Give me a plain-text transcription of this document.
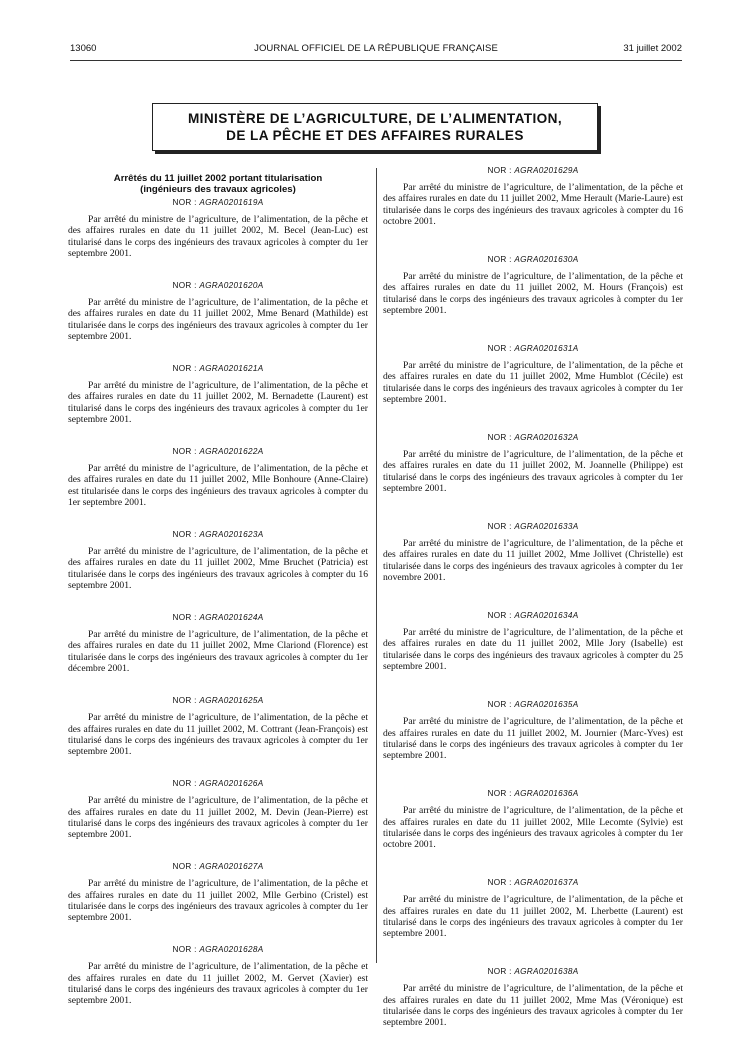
13060	JOURNAL OFFICIEL DE LA RÉPUBLIQUE FRANÇAISE	31 juillet 2002
MINISTÈRE DE L’AGRICULTURE, DE L’ALIMENTATION,
DE LA PÊCHE ET DES AFFAIRES RURALES
Arrêtés du 11 juillet 2002 portant titularisation
(ingénieurs des travaux agricoles)
NOR : AGRA0201619A

Par arrêté du ministre de l’agriculture, de l’alimentation, de la pêche et des affaires rurales en date du 11 juillet 2002, M. Becel (Jean-Luc) est titularisé dans le corps des ingénieurs des travaux agricoles à compter du 1er septembre 2001.

NOR : AGRA0201620A

Par arrêté du ministre de l’agriculture, de l’alimentation, de la pêche et des affaires rurales en date du 11 juillet 2002, Mme Benard (Mathilde) est titularisée dans le corps des ingénieurs des travaux agricoles à compter du 1er septembre 2001.

NOR : AGRA0201621A

Par arrêté du ministre de l’agriculture, de l’alimentation, de la pêche et des affaires rurales en date du 11 juillet 2002, M. Bernadette (Laurent) est titularisé dans le corps des ingénieurs des travaux agricoles à compter du 1er septembre 2001.

NOR : AGRA0201622A

Par arrêté du ministre de l’agriculture, de l’alimentation, de la pêche et des affaires rurales en date du 11 juillet 2002, Mlle Bonhoure (Anne-Claire) est titularisée dans le corps des ingénieurs des travaux agricoles à compter du 1er septembre 2001.

NOR : AGRA0201623A

Par arrêté du ministre de l’agriculture, de l’alimentation, de la pêche et des affaires rurales en date du 11 juillet 2002, Mme Bruchet (Patricia) est titularisée dans le corps des ingénieurs des travaux agricoles à compter du 16 septembre 2001.

NOR : AGRA0201624A

Par arrêté du ministre de l’agriculture, de l’alimentation, de la pêche et des affaires rurales en date du 11 juillet 2002, Mme Clariond (Florence) est titularisée dans le corps des ingénieurs des travaux agricoles à compter du 1er décembre 2001.

NOR : AGRA0201625A

Par arrêté du ministre de l’agriculture, de l’alimentation, de la pêche et des affaires rurales en date du 11 juillet 2002, M. Cottrant (Jean-François) est titularisé dans le corps des ingénieurs des travaux agricoles à compter du 1er septembre 2001.

NOR : AGRA0201626A

Par arrêté du ministre de l’agriculture, de l’alimentation, de la pêche et des affaires rurales en date du 11 juillet 2002, M. Devin (Jean-Pierre) est titularisé dans le corps des ingénieurs des travaux agricoles à compter du 1er septembre 2001.

NOR : AGRA0201627A

Par arrêté du ministre de l’agriculture, de l’alimentation, de la pêche et des affaires rurales en date du 11 juillet 2002, Mlle Gerbino (Cristel) est titularisée dans le corps des ingénieurs des travaux agricoles à compter du 1er septembre 2001.

NOR : AGRA0201628A

Par arrêté du ministre de l’agriculture, de l’alimentation, de la pêche et des affaires rurales en date du 11 juillet 2002, M. Gervet (Xavier) est titularisé dans le corps des ingénieurs des travaux agricoles à compter du 1er septembre 2001.

NOR : AGRA0201629A

Par arrêté du ministre de l’agriculture, de l’alimentation, de la pêche et des affaires rurales en date du 11 juillet 2002, Mme Herault (Marie-Laure) est titularisée dans le corps des ingénieurs des travaux agricoles à compter du 16 octobre 2001.

NOR : AGRA0201630A

Par arrêté du ministre de l’agriculture, de l’alimentation, de la pêche et des affaires rurales en date du 11 juillet 2002, M. Hours (François) est titularisé dans le corps des ingénieurs des travaux agricoles à compter du 1er septembre 2001.

NOR : AGRA0201631A

Par arrêté du ministre de l’agriculture, de l’alimentation, de la pêche et des affaires rurales en date du 11 juillet 2002, Mme Humblot (Cécile) est titularisée dans le corps des ingénieurs des travaux agricoles à compter du 1er septembre 2001.

NOR : AGRA0201632A

Par arrêté du ministre de l’agriculture, de l’alimentation, de la pêche et des affaires rurales en date du 11 juillet 2002, M. Joannelle (Philippe) est titularisé dans le corps des ingénieurs des travaux agricoles à compter du 1er septembre 2001.

NOR : AGRA0201633A

Par arrêté du ministre de l’agriculture, de l’alimentation, de la pêche et des affaires rurales en date du 11 juillet 2002, Mme Jollivet (Christelle) est titularisée dans le corps des ingénieurs des travaux agricoles à compter du 1er novembre 2001.

NOR : AGRA0201634A

Par arrêté du ministre de l’agriculture, de l’alimentation, de la pêche et des affaires rurales en date du 11 juillet 2002, Mlle Jory (Isabelle) est titularisée dans le corps des ingénieurs des travaux agricoles à compter du 25 septembre 2001.

NOR : AGRA0201635A

Par arrêté du ministre de l’agriculture, de l’alimentation, de la pêche et des affaires rurales en date du 11 juillet 2002, M. Journier (Marc-Yves) est titularisé dans le corps des ingénieurs des travaux agricoles à compter du 1er septembre 2001.

NOR : AGRA0201636A

Par arrêté du ministre de l’agriculture, de l’alimentation, de la pêche et des affaires rurales en date du 11 juillet 2002, Mlle Lecomte (Sylvie) est titularisée dans le corps des ingénieurs des travaux agricoles à compter du 1er octobre 2001.

NOR : AGRA0201637A

Par arrêté du ministre de l’agriculture, de l’alimentation, de la pêche et des affaires rurales en date du 11 juillet 2002, M. Lherbette (Laurent) est titularisé dans le corps des ingénieurs des travaux agricoles à compter du 1er septembre 2001.

NOR : AGRA0201638A

Par arrêté du ministre de l’agriculture, de l’alimentation, de la pêche et des affaires rurales en date du 11 juillet 2002, Mme Mas (Véronique) est titularisée dans le corps des ingénieurs des travaux agricoles à compter du 1er septembre 2001.
